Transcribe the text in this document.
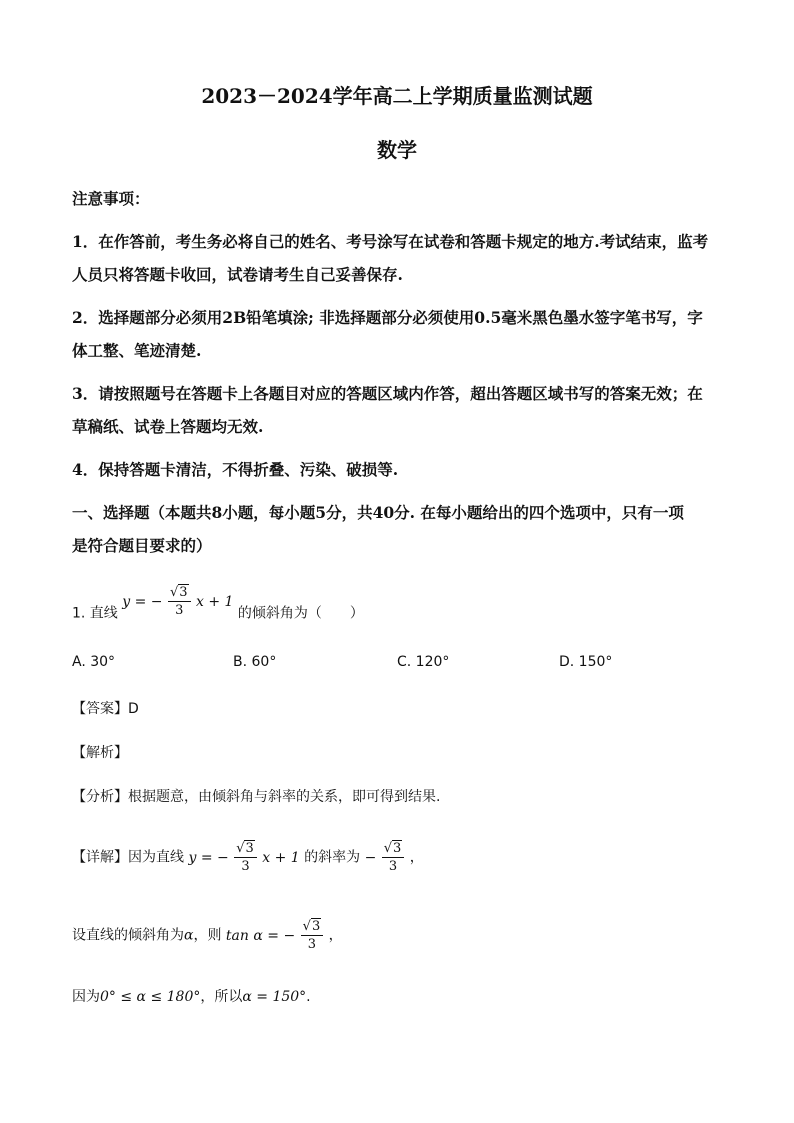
2023－2024学年高二上学期质量监测试题
数学
注意事项：
1．在作答前，考生务必将自己的姓名、考号涂写在试卷和答题卡规定的地方.考试结束，监考
人员只将答题卡收回，试卷请考生自己妥善保存.
2．选择题部分必须用2B铅笔填涂; 非选择题部分必须使用0.5毫米黑色墨水签字笔书写，字
体工整、笔迹清楚.
3．请按照题号在答题卡上各题目对应的答题区域内作答，超出答题区域书写的答案无效；在
草稿纸、试卷上答题均无效.
4．保持答题卡清洁，不得折叠、污染、破损等.
一、选择题（本题共8小题，每小题5分，共40分. 在每小题给出的四个选项中，只有一项
是符合题目要求的）
1. 直线 y = − $\frac{√3}{3}$ x + 1 的倾斜角为（　　）
A. 30°	B. 60°	C. 120°	D. 150°
【答案】D
【解析】
【分析】根据题意，由倾斜角与斜率的关系，即可得到结果.
【详解】因为直线 y = − $\frac{√3}{3}$ x + 1 的斜率为 − $\frac{√3}{3}$ ，
设直线的倾斜角为α，则 tan α = − $\frac{√3}{3}$ ，
因为0° ≤ α ≤ 180°，所以α = 150°.
